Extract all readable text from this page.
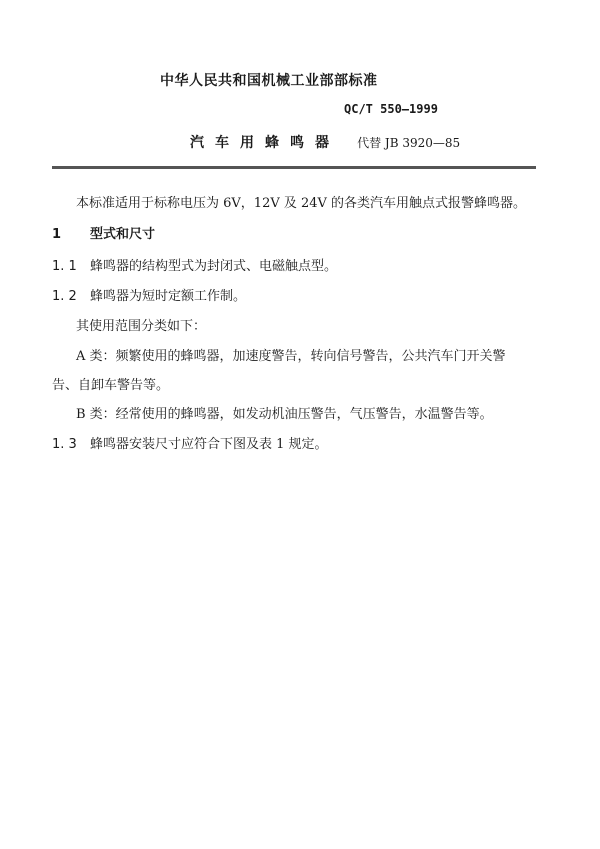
中华人民共和国机械工业部部标准
QC/T 550—1999
汽车用蜂鸣器 代替 JB 3920—85
本标准适用于标称电压为 6V，12V 及 24V 的各类汽车用触点式报警蜂鸣器。
1 型式和尺寸
1. 1 蜂鸣器的结构型式为封闭式、电磁触点型。
1. 2 蜂鸣器为短时定额工作制。
其使用范围分类如下：
A 类：频繁使用的蜂鸣器，加速度警告，转向信号警告，公共汽车门开关警
告、自卸车警告等。
B 类：经常使用的蜂鸣器，如发动机油压警告，气压警告，水温警告等。
1. 3 蜂鸣器安装尺寸应符合下图及表 1 规定。
